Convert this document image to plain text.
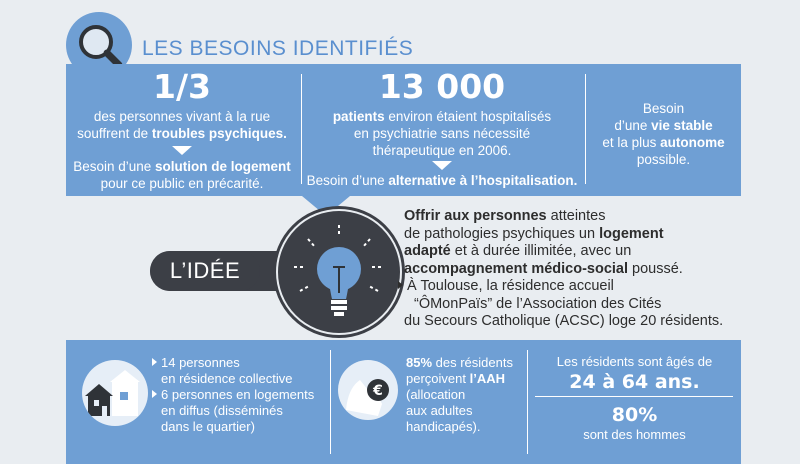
LES BESOINS IDENTIFIÉS
1/3
des personnes vivant à la rue
souffrent de troubles psychiques.
Besoin d’une solution de logement
pour ce public en précarité.
13 000
patients environ étaient hospitalisés
en psychiatrie sans nécessité
thérapeutique en 2006.
Besoin d’une alternative à l’hospitalisation.
Besoin
d’une vie stable
et la plus autonome
possible.
L’IDÉE
Offrir aux personnes atteintes
de pathologies psychiques un logement
adapté et à durée illimitée, avec un
accompagnement médico-social poussé.
À Toulouse, la résidence accueil
“ÔMonPaïs” de l’Association des Cités
du Secours Catholique (ACSC) loge 20 résidents.
14 personnes
en résidence collective
6 personnes en logements
en diffus (disséminés
dans le quartier)
€
85% des résidents
perçoivent l’AAH
(allocation
aux adultes
handicapés).
Les résidents sont âgés de
24 à 64 ans.
80%
sont des hommes
